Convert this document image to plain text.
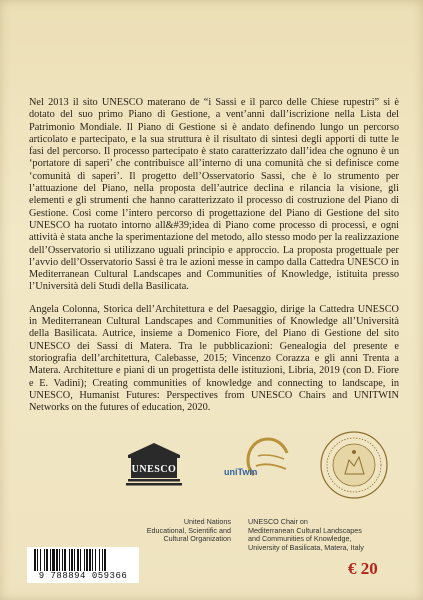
Nel 2013 il sito UNESCO materano de “i Sassi e il parco delle Chiese rupestri” si è dotato del suo primo Piano di Gestione, a vent’anni dall’iscrizione nella Lista del Patrimonio Mondiale. Il Piano di Gestione si è andato definendo lungo un percorso articolato e partecipato, e la sua struttura è il risultato di sintesi degli apporti di tutte le fasi del percorso. Il processo partecipato è stato caratterizzato dall’idea che ognuno è un ‘portatore di saperi’ che contribuisce all’interno di una comunità che si definisce come ‘comunità di saperi’. Il progetto dell’Osservatorio Sassi, che è lo strumento per l’attuazione del Piano, nella proposta dell’autrice declina e rilancia la visione, gli elementi e gli strumenti che hanno caratterizzato il processo di costruzione del Piano di Gestione. Così come l’intero percorso di progettazione del Piano di Gestione del sito UNESCO ha ruotato intorno all&#39;idea di Piano come processo di processi, e ogni attività è stata anche la sperimentazione del metodo, allo stesso modo per la realizzazione dell’Osservatorio si utilizzano uguali principio e approccio. La proposta progettuale per l’avvio dell’Osservatorio Sassi è tra le azioni messe in campo dalla Cattedra UNESCO in Mediterranean Cultural Landscapes and Communities of Knowledge, istituita presso l’Università deli Studi della Basilicata.

Angela Colonna, Storica dell’Architettura e del Paesaggio, dirige la Cattedra UNESCO in Mediterranean Cultural Landscapes and Communities of Knowledge all’Università della Basilicata. Autrice, insieme a Domenico Fiore, del Piano di Gestione del sito UNESCO dei Sassi di Matera. Tra le pubblicazioni: Genealogia del presente e storiografia dell’architettura, Calebasse, 2015; Vincenzo Corazza e gli anni Trenta a Matera. Architetture e piani di un progettista delle istituzioni, Libria, 2019 (con D. Fiore e E. Vadini); Creating communities of knowledge and connecting to landscape, in UNESCO, Humanist Futures: Perspectives from UNESCO Chairs and UNITWIN Networks on the futures of education, 2020.

UNESCO	uniTwin
United Nations
Educational, Scientific and
Cultural Organization
UNESCO Chair on
Mediterranean Cultural Landscapes
and Communities of Knowledge,
University of Basilicata, Matera, Italy
9 788894 059366	€ 20
